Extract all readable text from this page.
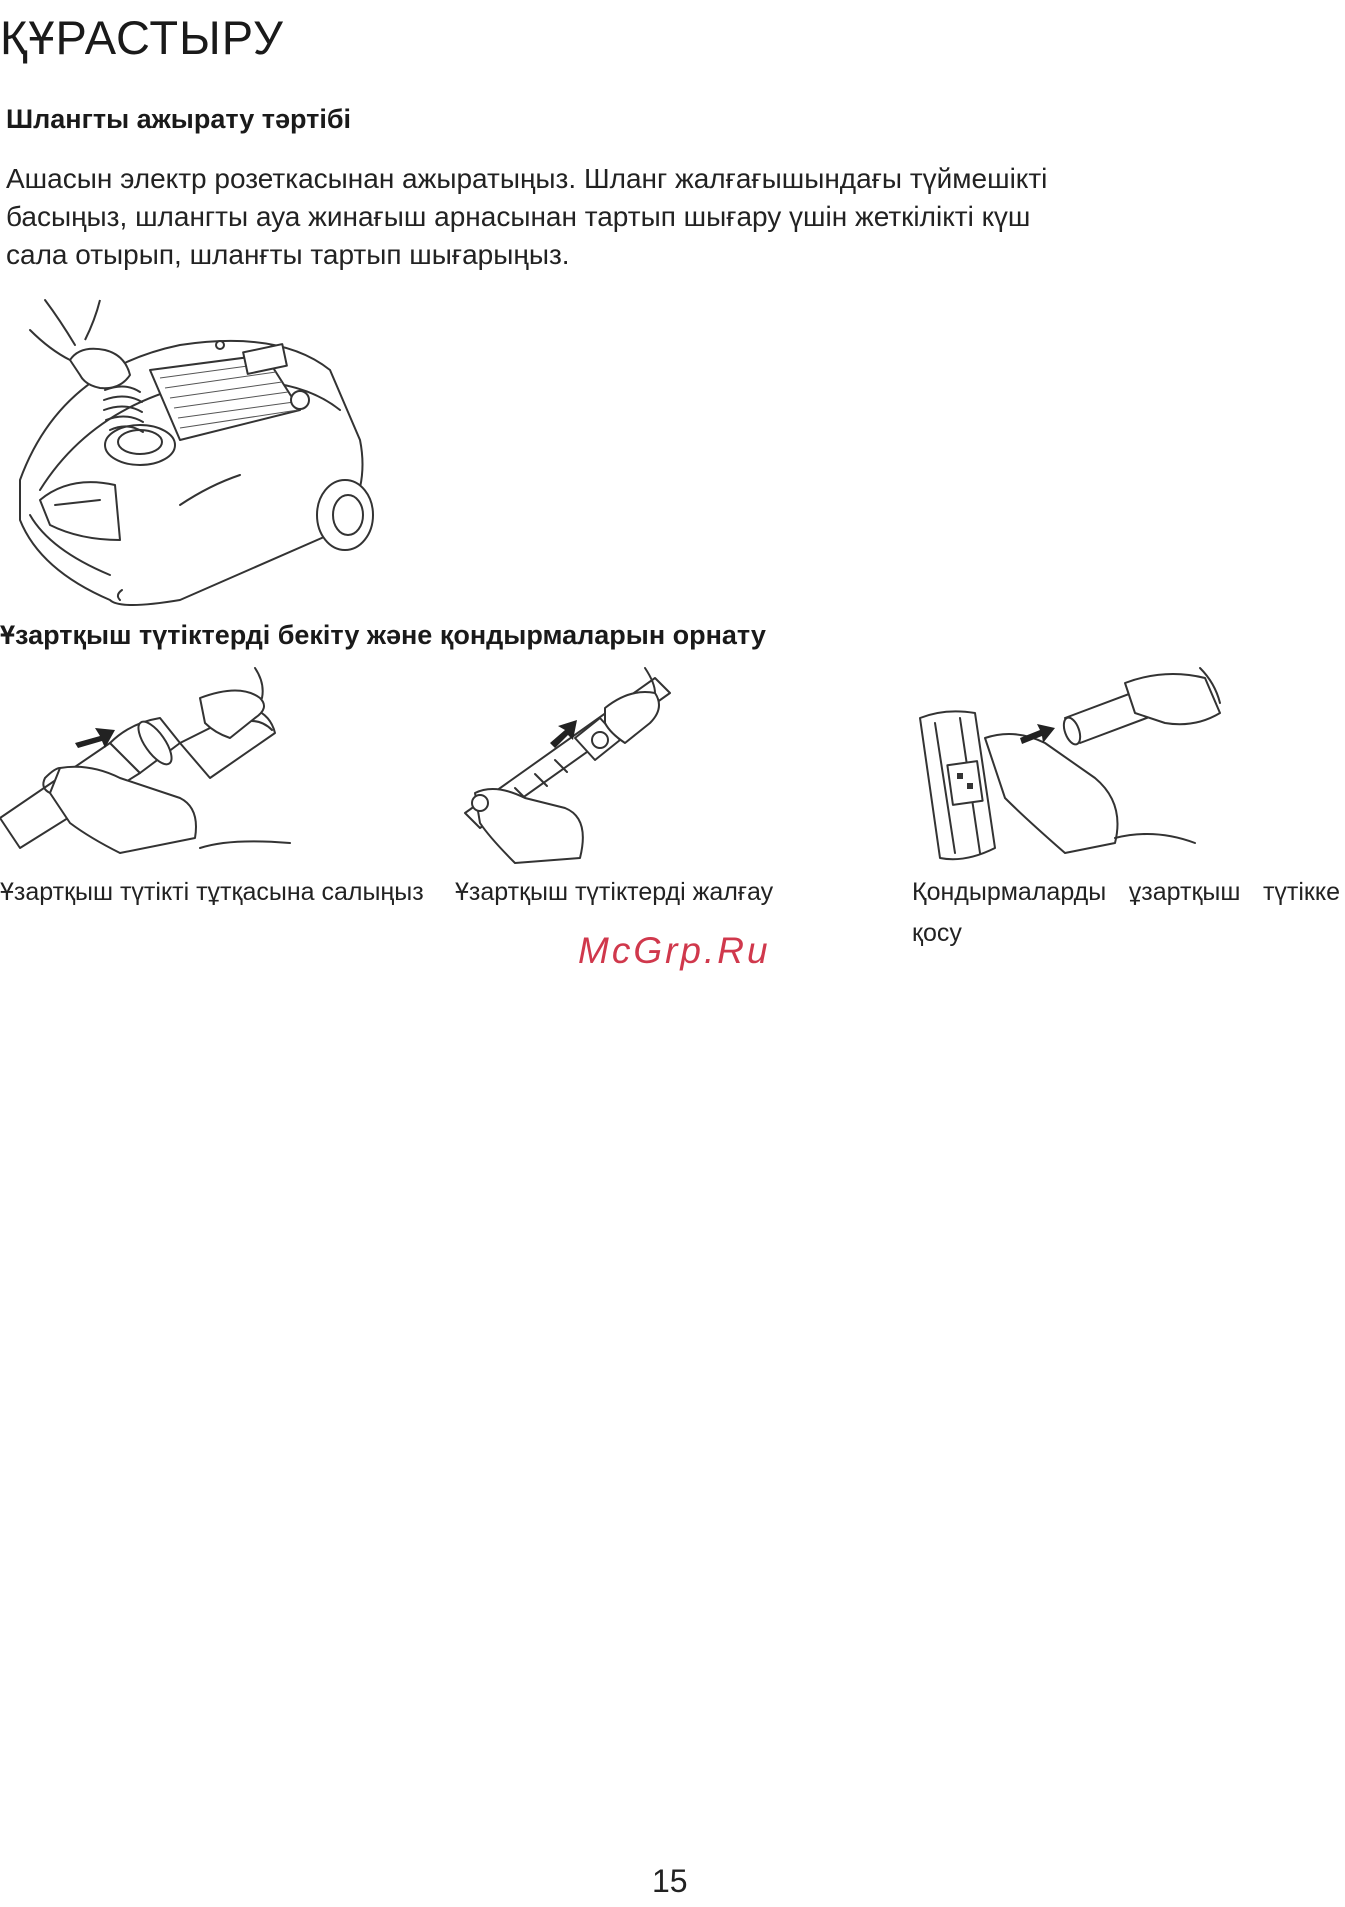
ҚҰРАСТЫРУ
Шлангты ажырату тәртібі
Ашасын электр розеткасынан ажыратыңыз. Шланг жалғағышындағы түймешікті
басыңыз, шлангты ауа жинағыш арнасынан тартып шығару үшін жеткілікті күш
сала отырып, шланғты тартып шығарыңыз.
Ұзартқыш түтіктерді бекіту және қондырмаларын орнату
Ұзартқыш түтікті тұтқасына салыңыз Ұзартқыш түтіктерді жалғау	Қондырмаларды ұзартқыш түтікке қосу
McGrp.Ru
15
